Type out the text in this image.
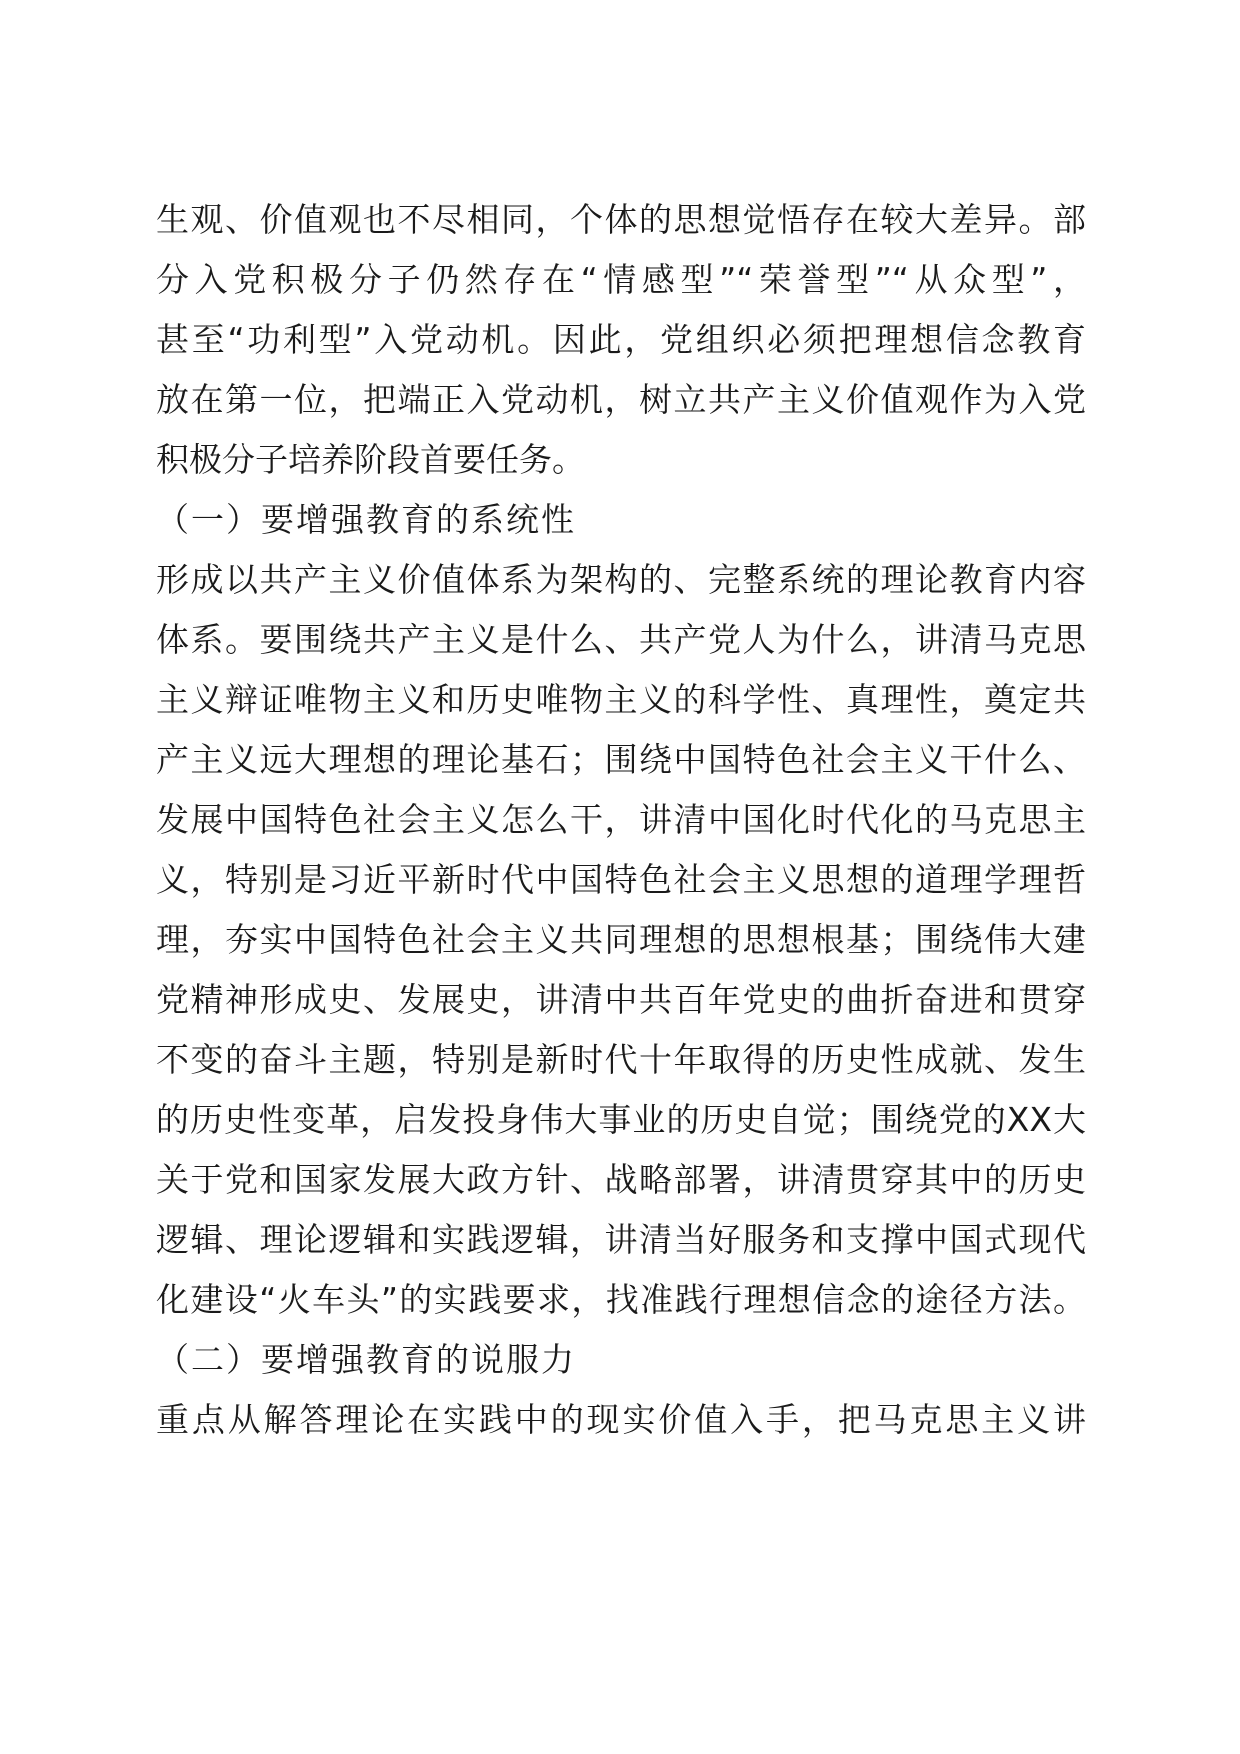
生观、价值观也不尽相同，个体的思想觉悟存在较大差异。部
分入党积极分子仍然存在“情感型”“荣誉型”“从众型”，
甚至“功利型”入党动机。因此，党组织必须把理想信念教育
放在第一位，把端正入党动机，树立共产主义价值观作为入党
积极分子培养阶段首要任务。
（一）要增强教育的系统性
形成以共产主义价值体系为架构的、完整系统的理论教育内容
体系。要围绕共产主义是什么、共产党人为什么，讲清马克思
主义辩证唯物主义和历史唯物主义的科学性、真理性，奠定共
产主义远大理想的理论基石；围绕中国特色社会主义干什么、
发展中国特色社会主义怎么干，讲清中国化时代化的马克思主
义，特别是习近平新时代中国特色社会主义思想的道理学理哲
理，夯实中国特色社会主义共同理想的思想根基；围绕伟大建
党精神形成史、发展史，讲清中共百年党史的曲折奋进和贯穿
不变的奋斗主题，特别是新时代十年取得的历史性成就、发生
的历史性变革，启发投身伟大事业的历史自觉；围绕党的XX大
关于党和国家发展大政方针、战略部署，讲清贯穿其中的历史
逻辑、理论逻辑和实践逻辑，讲清当好服务和支撑中国式现代
化建设“火车头”的实践要求，找准践行理想信念的途径方法。
（二）要增强教育的说服力
重点从解答理论在实践中的现实价值入手，把马克思主义讲
